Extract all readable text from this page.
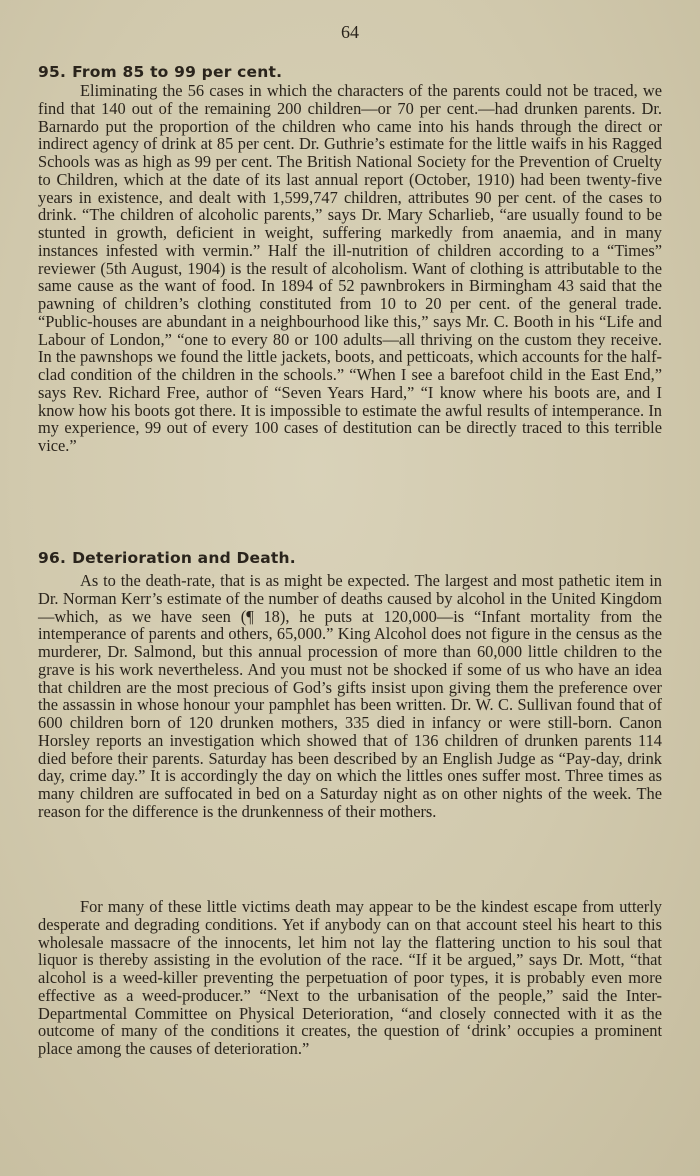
64
95. From 85 to 99 per cent.

Eliminating the 56 cases in which the characters of the parents could not be traced, we find that 140 out of the remaining 200 children—or 70 per cent.—had drunken parents. Dr. Barnardo put the proportion of the children who came into his hands through the direct or indirect agency of drink at 85 per cent. Dr. Guthrie’s estimate for the little waifs in his Ragged Schools was as high as 99 per cent. The British National Society for the Prevention of Cruelty to Children, which at the date of its last annual report (October, 1910) had been twenty-five years in existence, and dealt with 1,599,747 children, attributes 90 per cent. of the cases to drink. “The children of alcoholic parents,” says Dr. Mary Scharlieb, “are usually found to be stunted in growth, deficient in weight, suffering markedly from anaemia, and in many instances infested with vermin.” Half the ill-nutrition of children according to a “Times” reviewer (5th August, 1904) is the result of alcoholism. Want of clothing is attributable to the same cause as the want of food. In 1894 of 52 pawnbrokers in Birmingham 43 said that the pawning of children’s clothing constituted from 10 to 20 per cent. of the general trade. “Public-houses are abundant in a neighbourhood like this,” says Mr. C. Booth in his “Life and Labour of London,” “one to every 80 or 100 adults—all thriving on the custom they receive. In the pawnshops we found the little jackets, boots, and petticoats, which accounts for the half-clad condition of the children in the schools.” “When I see a barefoot child in the East End,” says Rev. Richard Free, author of “Seven Years Hard,” “I know where his boots are, and I know how his boots got there. It is impossible to estimate the awful results of intemperance. In my experience, 99 out of every 100 cases of destitution can be directly traced to this terrible vice.”

96. Deterioration and Death.

As to the death-rate, that is as might be expected. The largest and most pathetic item in Dr. Norman Kerr’s estimate of the number of deaths caused by alcohol in the United Kingdom—which, as we have seen (¶ 18), he puts at 120,000—is “Infant mortality from the intemperance of parents and others, 65,000.” King Alcohol does not figure in the census as the murderer, Dr. Salmond, but this annual procession of more than 60,000 little children to the grave is his work nevertheless. And you must not be shocked if some of us who have an idea that children are the most precious of God’s gifts insist upon giving them the preference over the assassin in whose honour your pamphlet has been written. Dr. W. C. Sullivan found that of 600 children born of 120 drunken mothers, 335 died in infancy or were still-born. Canon Horsley reports an investigation which showed that of 136 children of drunken parents 114 died before their parents. Saturday has been described by an English Judge as “Pay-day, drink day, crime day.” It is accordingly the day on which the littles ones suffer most. Three times as many children are suffocated in bed on a Saturday night as on other nights of the week. The reason for the difference is the drunkenness of their mothers.

For many of these little victims death may appear to be the kindest escape from utterly desperate and degrading conditions. Yet if anybody can on that account steel his heart to this wholesale massacre of the innocents, let him not lay the flattering unction to his soul that liquor is thereby assisting in the evolution of the race. “If it be argued,” says Dr. Mott, “that alcohol is a weed-killer preventing the perpetuation of poor types, it is probably even more effective as a weed-producer.” “Next to the urbanisation of the people,” said the Inter-Departmental Committee on Physical Deterioration, “and closely connected with it as the outcome of many of the conditions it creates, the question of ‘drink’ occupies a prominent place among the causes of deterioration.”
